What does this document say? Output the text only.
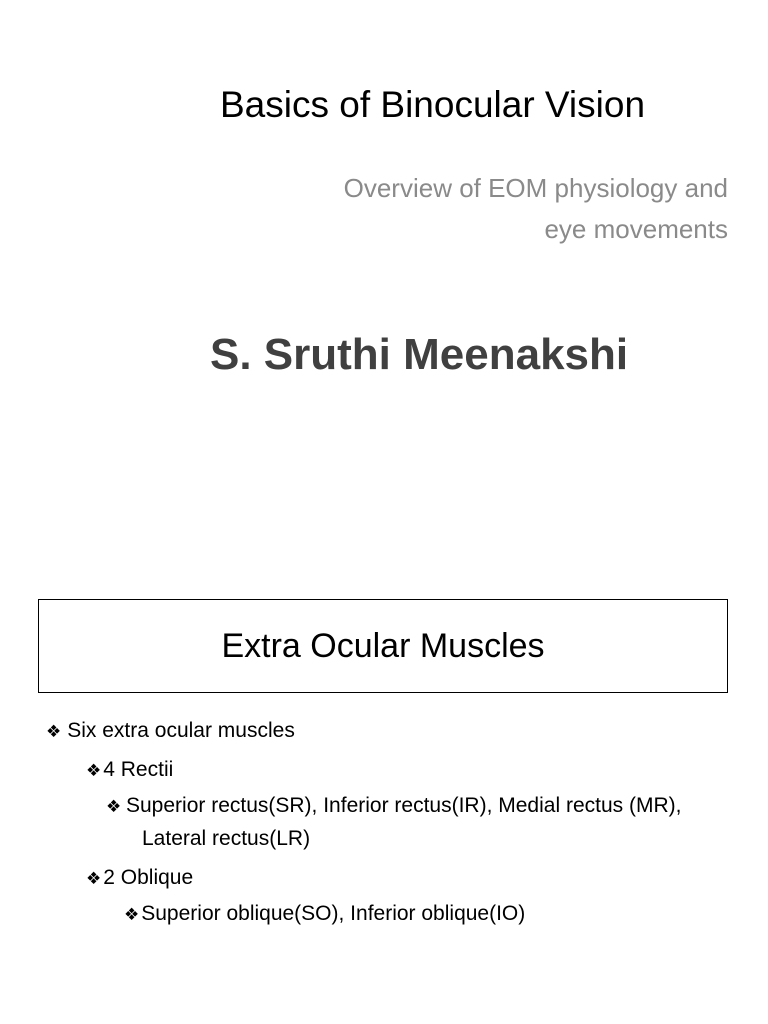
Basics of Binocular Vision
Overview of EOM physiology and
eye movements
S. Sruthi Meenakshi
Extra Ocular Muscles
❖ Six extra ocular muscles
❖4 Rectii
❖ Superior rectus(SR), Inferior rectus(IR), Medial rectus (MR), Lateral rectus(LR)
❖2 Oblique
❖Superior oblique(SO), Inferior oblique(IO)
